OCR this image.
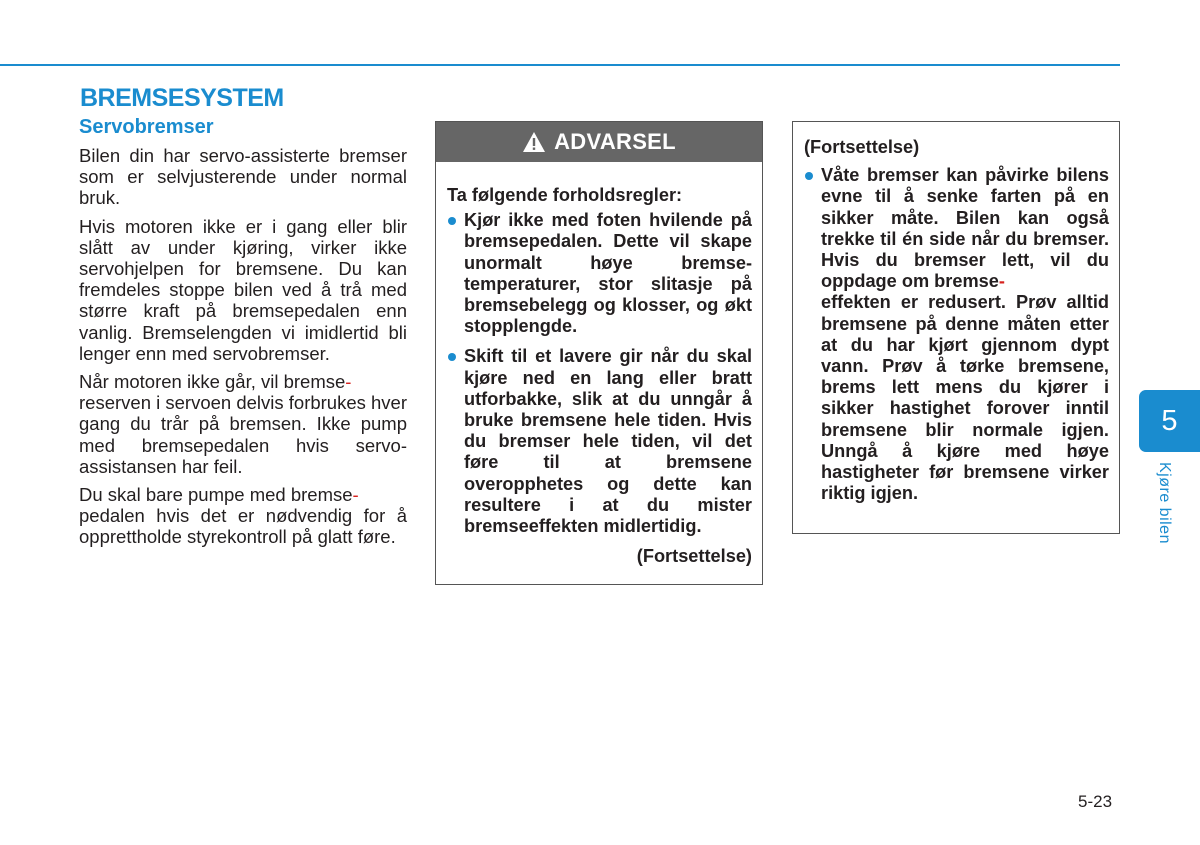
BREMSESYSTEM
Servobremser

Bilen din har servo-assisterte bremser som er selvjusterende under normal bruk.

Hvis motoren ikke er i gang eller blir slått av under kjøring, virker ikke servohjelpen for bremsene. Du kan fremdeles stoppe bilen ved å trå med større kraft på bremsepedalen enn vanlig. Bremselengden vi imidlertid bli lenger enn med servobremser.

Når motoren ikke går, vil bremse-
reserven i servoen delvis forbrukes hver gang du trår på bremsen. Ikke pump med bremsepedalen hvis servo-assistansen har feil.

Du skal bare pumpe med bremse-
pedalen hvis det er nødvendig for å opprettholde styrekontroll på glatt føre.

ADVARSEL
Ta følgende forholdsregler:
Kjør ikke med foten hvilende på bremsepedalen. Dette vil skape unormalt høye bremse- temperaturer, stor slitasje på bremsebelegg og klosser, og økt stopplengde.
Skift til et lavere gir når du skal kjøre ned en lang eller bratt utforbakke, slik at du unngår å bruke bremsene hele tiden. Hvis du bremser hele tiden, vil det føre til at bremsene overopphetes og dette kan resultere i at du mister bremseeffekten midlertidig.
(Fortsettelse)
(Fortsettelse)
Våte bremser kan påvirke bilens evne til å senke farten på en sikker måte. Bilen kan også trekke til én side når du bremser. Hvis du bremser lett, vil du oppdage om bremse-
effekten er redusert. Prøv alltid bremsene på denne måten etter at du har kjørt gjennom dypt vann. Prøv å tørke bremsene, brems lett mens du kjører i sikker hastighet forover inntil bremsene blir normale igjen. Unngå å kjøre med høye hastigheter før bremsene virker riktig igjen.
5
Kjøre bilen
5-23
